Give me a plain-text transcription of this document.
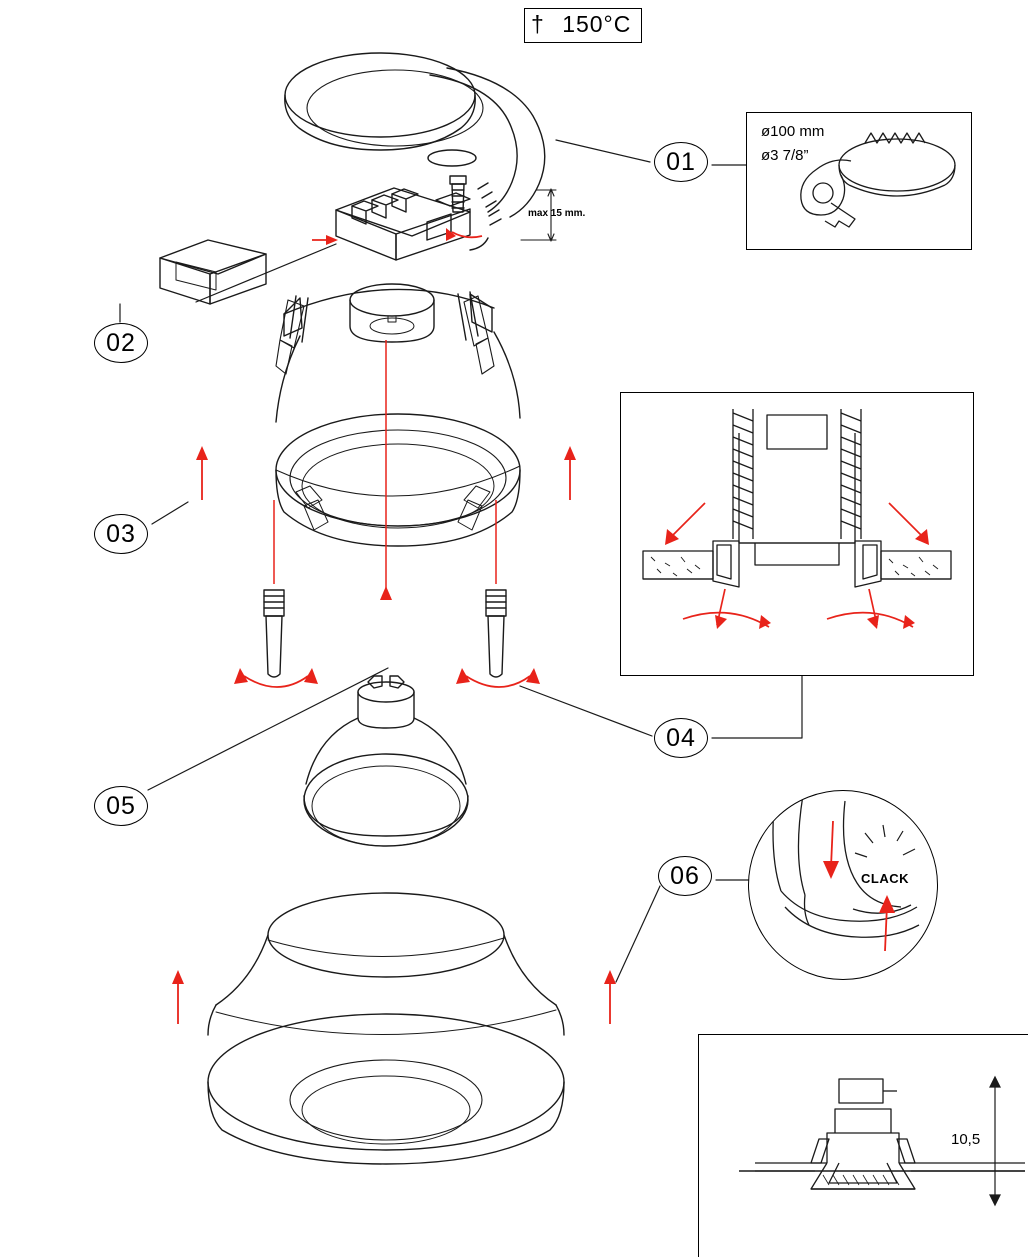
† 150°C
01
02
03
04
05
06
max 15 mm.
ø100 mm
ø3 7/8”
CLACK
10,5
